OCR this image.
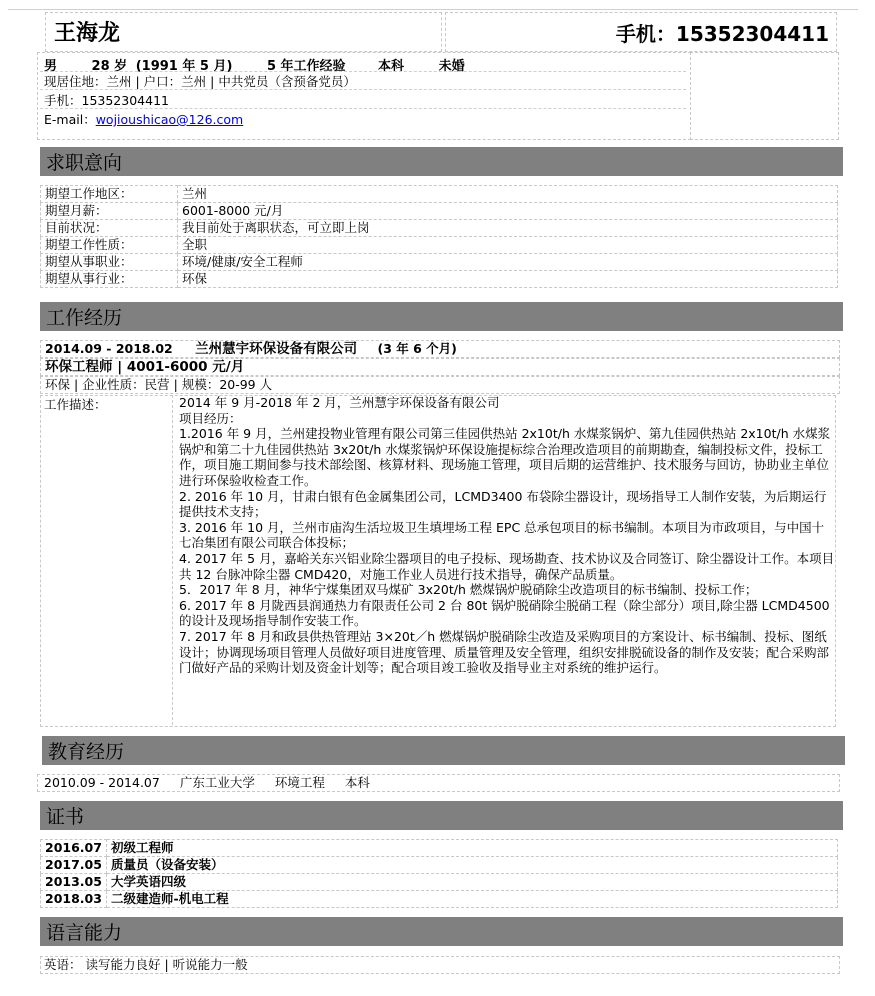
王海龙	手机：15352304411
男	28 岁 (1991 年 5 月)	5 年工作经验	本科	未婚
现居住地：兰州 | 户口：兰州 | 中共党员（含预备党员）
手机：15352304411
E-mail：wojioushicao@126.com
求职意向
期望工作地区：	兰州
期望月薪：	6001-8000 元/月
目前状况：	我目前处于离职状态，可立即上岗
期望工作性质：	全职
期望从事职业：	环境/健康/安全工程师
期望从事行业：	环保
工作经历
2014.09 - 2018.02 兰州慧宇环保设备有限公司 (3 年 6 个月)
环保工程师 | 4001-6000 元/月
环保 | 企业性质：民营 | 规模：20-99 人
工作描述：	2014 年 9 月-2018 年 2 月，兰州慧宇环保设备有限公司

项目经历：

1.2016 年 9 月，兰州建投物业管理有限公司第三佳园供热站 2x10t/h 水煤浆锅炉、第九佳园供热站 2x10t/h 水煤浆锅炉和第二十九佳园供热站 3x20t/h 水煤浆锅炉环保设施提标综合治理改造项目的前期勘查，编制投标文件，投标工作，项目施工期间参与技术部绘图、核算材料、现场施工管理，项目后期的运营维护、技术服务与回访，协助业主单位进行环保验收检查工作。

2. 2016 年 10 月，甘肃白银有色金属集团公司，LCMD3400 布袋除尘器设计，现场指导工人制作安装，为后期运行提供技术支持；

3. 2016 年 10 月，兰州市庙沟生活垃圾卫生填埋场工程 EPC 总承包项目的标书编制。本项目为市政项目，与中国十七冶集团有限公司联合体投标；

4. 2017 年 5 月，嘉峪关东兴铝业除尘器项目的电子投标、现场勘查、技术协议及合同签订、除尘器设计工作。本项目共 12 台脉冲除尘器 CMD420，对施工作业人员进行技术指导，确保产品质量。

5．2017 年 8 月，神华宁煤集团双马煤矿 3x20t/h 燃煤锅炉脱硝除尘改造项目的标书编制、投标工作；

6. 2017 年 8 月陇西县润通热力有限责任公司 2 台 80t 锅炉脱硝除尘脱硝工程（除尘部分）项目,除尘器 LCMD4500 的设计及现场指导制作安装工作。

7. 2017 年 8 月和政县供热管理站 3×20t／h 燃煤锅炉脱硝除尘改造及采购项目的方案设计、标书编制、投标、图纸设计；协调现场项目管理人员做好项目进度管理、质量管理及安全管理，组织安排脱硫设备的制作及安装；配合采购部门做好产品的采购计划及资金计划等；配合项目竣工验收及指导业主对系统的维护运行。

教育经历
2010.09 - 2014.07 广东工业大学 环境工程 本科
证书
2016.07	初级工程师
2017.05	质量员（设备安装）
2013.05	大学英语四级
2018.03	二级建造师-机电工程
语言能力
英语： 读写能力良好 | 听说能力一般
